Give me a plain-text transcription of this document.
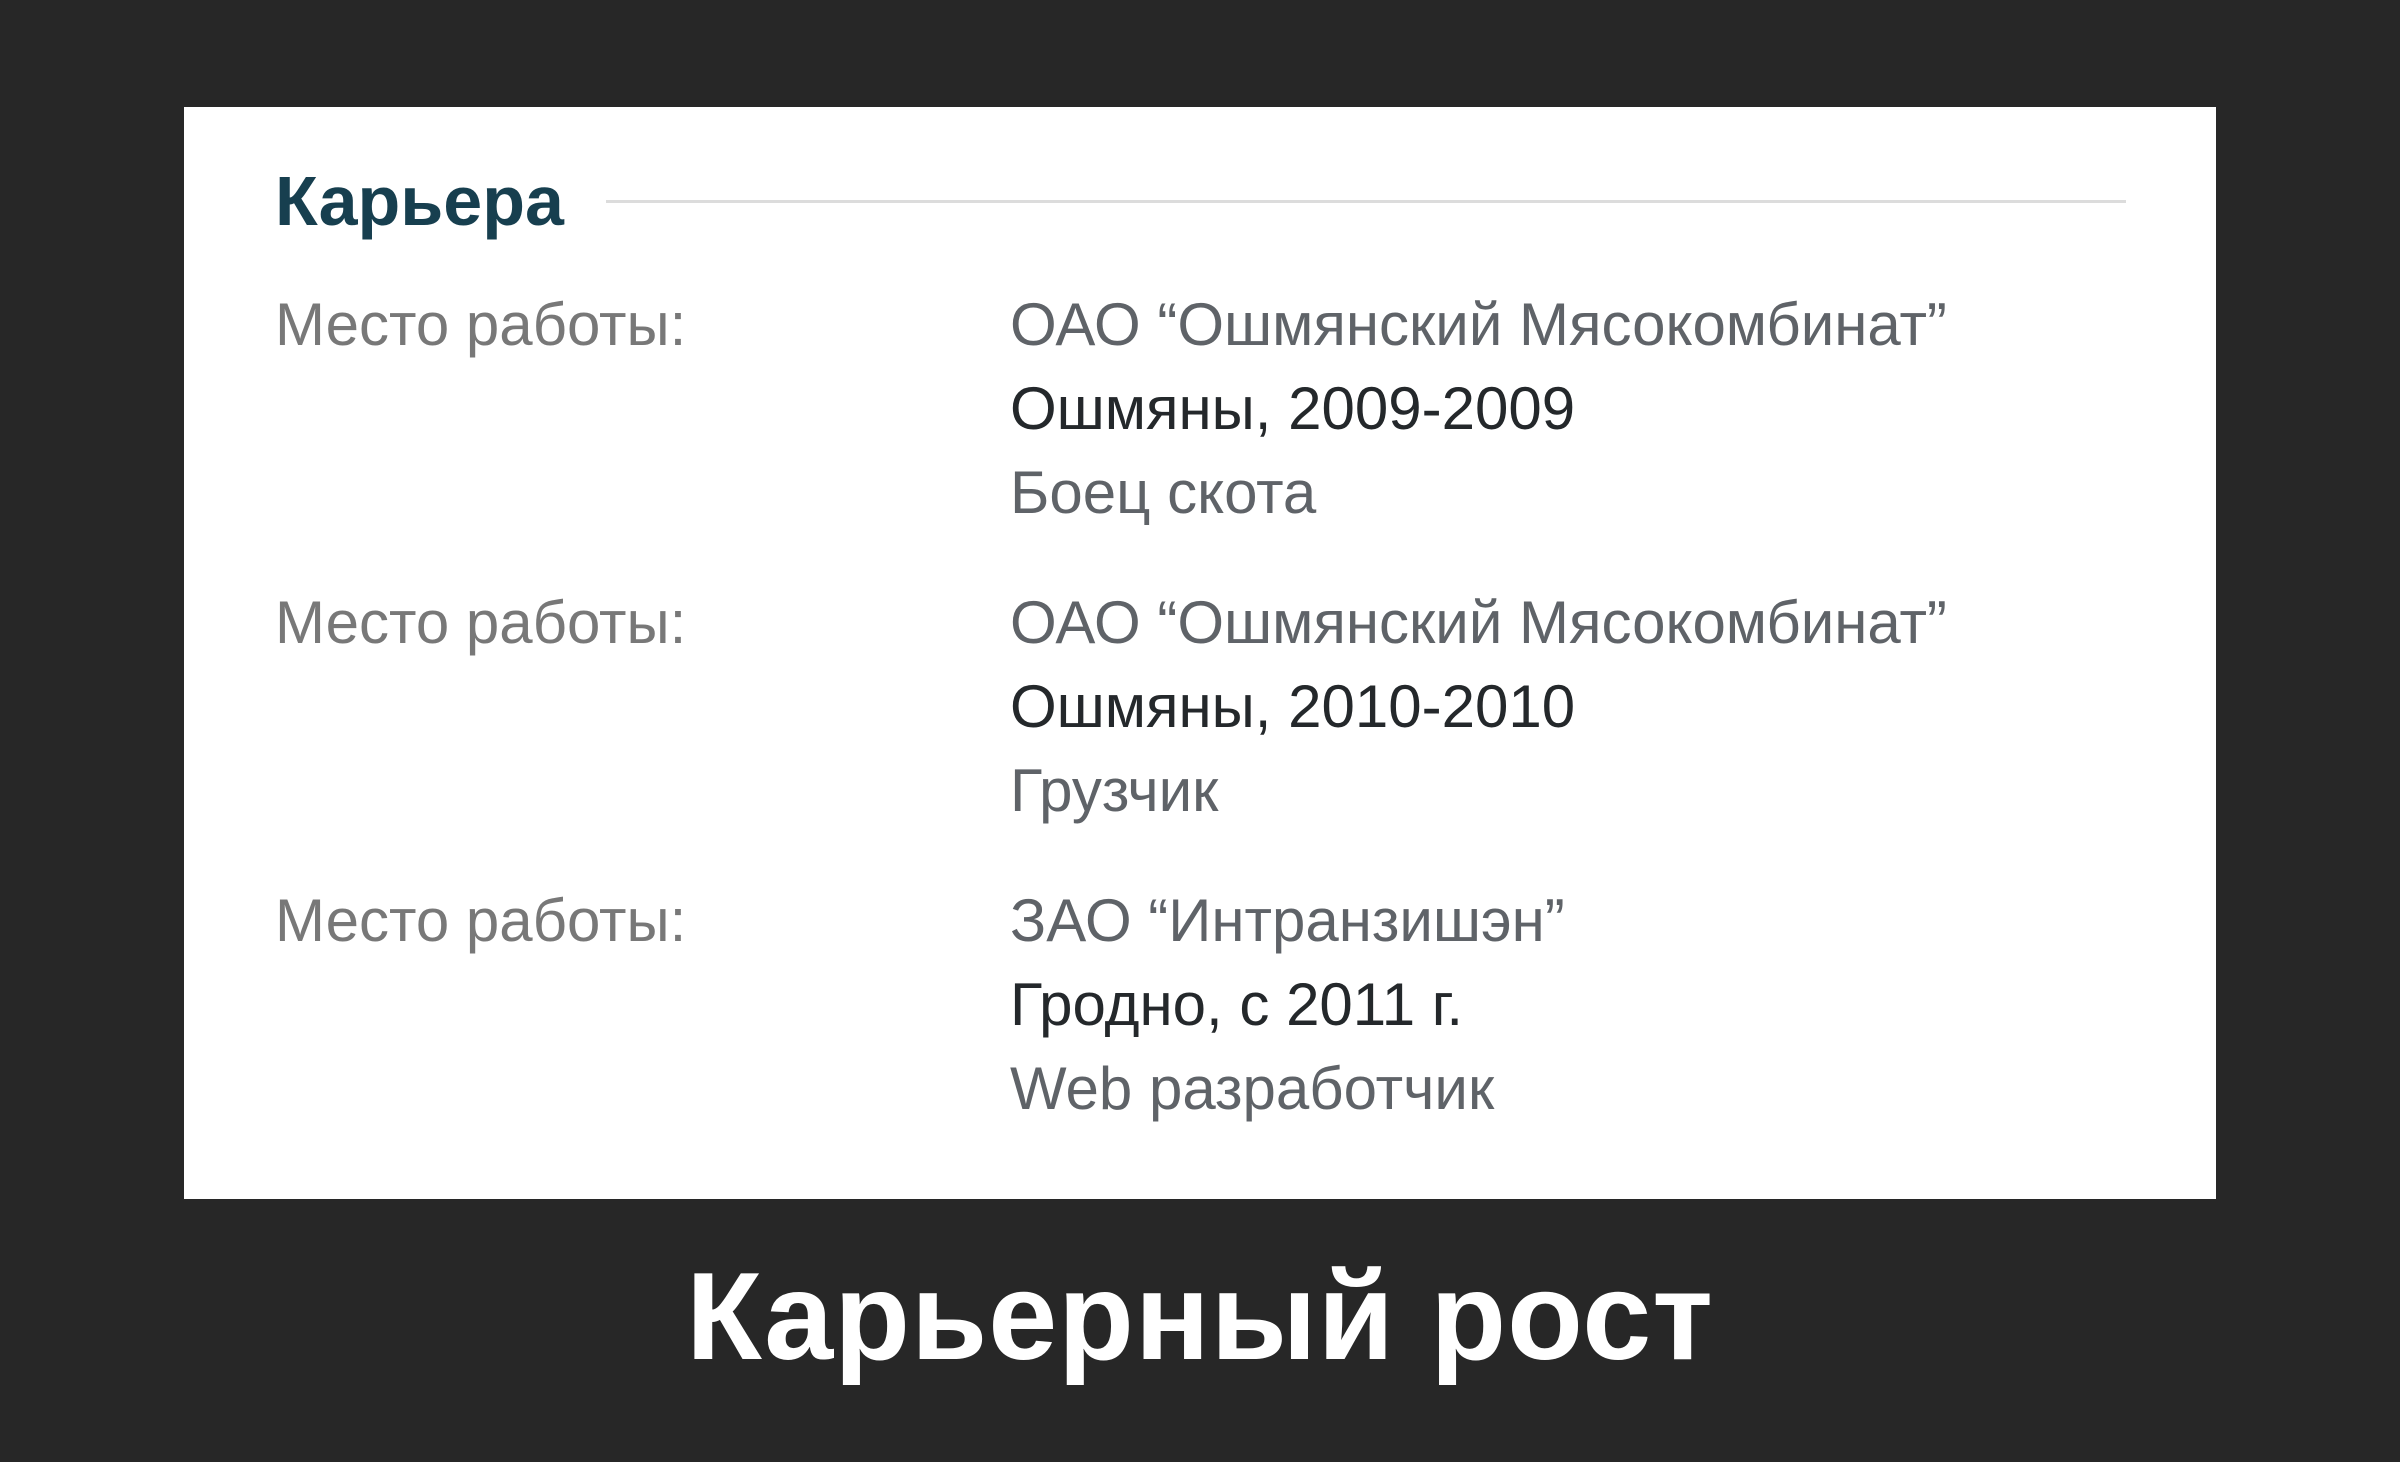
Карьера
Место работы:	ОАО “Ошмянский Мясокомбинат”
Ошмяны, 2009-2009
Боец скота
Место работы:	ОАО “Ошмянский Мясокомбинат”
Ошмяны, 2010-2010
Грузчик
Место работы:	ЗАО “Интранзишэн”
Гродно, с 2011 г.
Web разработчик
Карьерный рост
